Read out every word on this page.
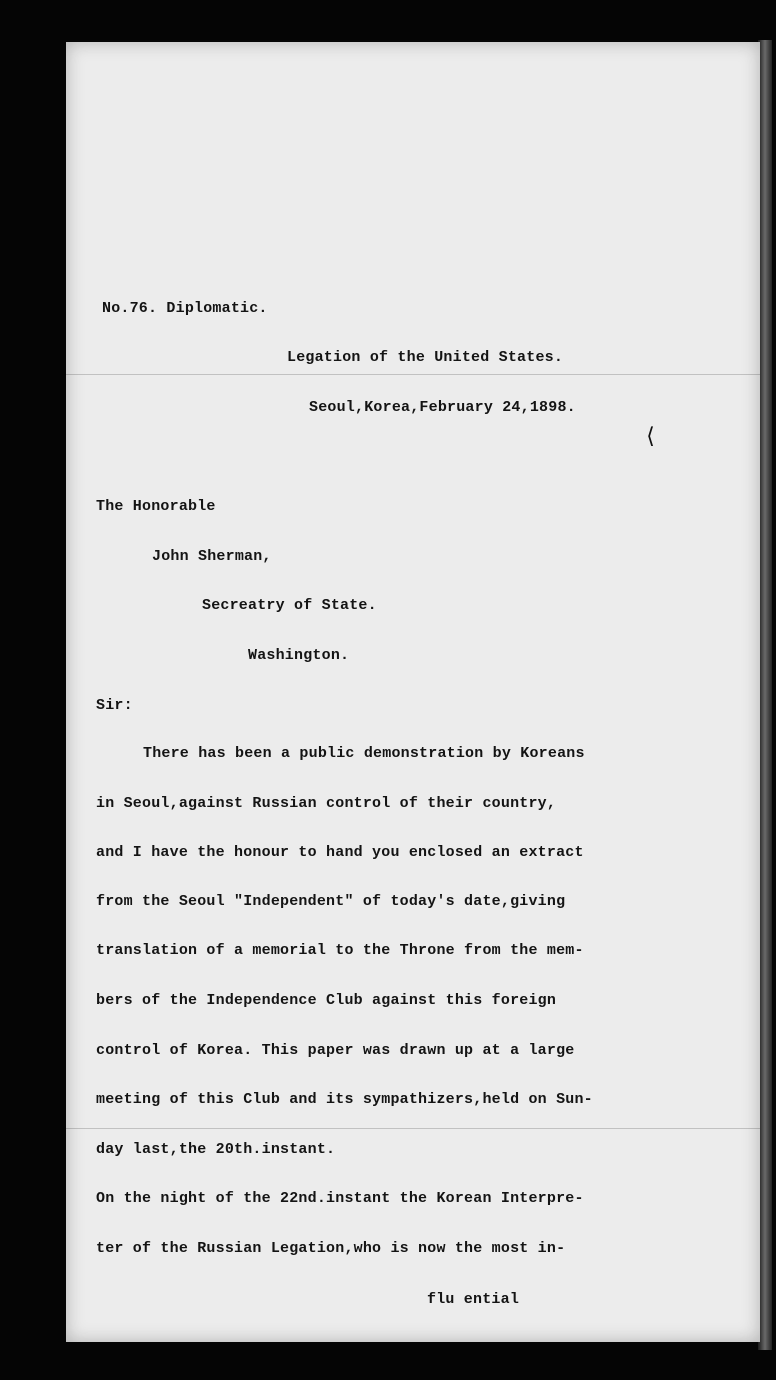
No.76. Diplomatic.
Legation of the United States.
Seoul,Korea,February 24,1898.
The Honorable
John Sherman,
Secreatry of State.
Washington.
Sir:
There has been a public demonstration by Koreans
in Seoul,against Russian control of their country,
and I have the honour to hand you enclosed an extract
from the Seoul "Independent" of today's date,giving
translation of a memorial to the Throne from the mem-
bers of the Independence Club against this foreign
control of Korea. This paper was drawn up at a large
meeting of this Club and its sympathizers,held on Sun-
day last,the 20th.instant.
On the night of the 22nd.instant the Korean Interpre-
ter of the Russian Legation,who is now the most in-
flu ential
⟨
